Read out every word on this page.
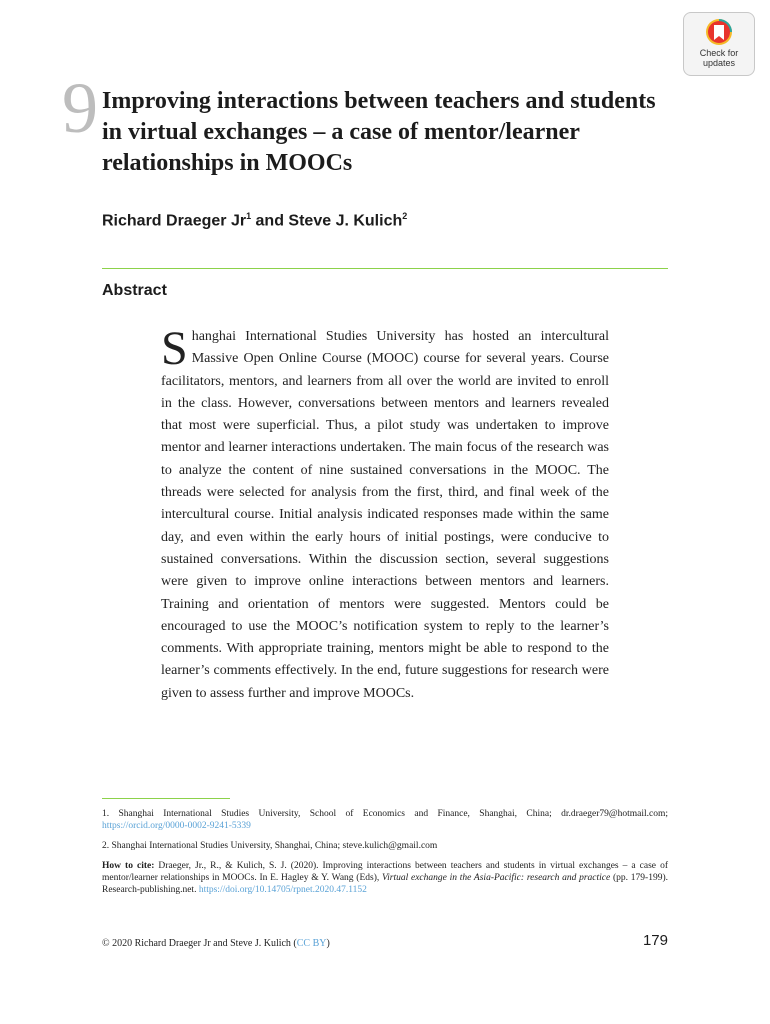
Check for
updates
9 Improving interactions between teachers and students in virtual exchanges – a case of mentor/learner relationships in MOOCs
Richard Draeger Jr$^1$ and Steve J. Kulich$^2$
Abstract

Shanghai International Studies University has hosted an intercultural Massive Open Online Course (MOOC) course for several years. Course facilitators, mentors, and learners from all over the world are invited to enroll in the class. However, conversations between mentors and learners revealed that most were superficial. Thus, a pilot study was undertaken to improve mentor and learner interactions undertaken. The main focus of the research was to analyze the content of nine sustained conversations in the MOOC. The threads were selected for analysis from the first, third, and final week of the intercultural course. Initial analysis indicated responses made within the same day, and even within the early hours of initial postings, were conducive to sustained conversations. Within the discussion section, several suggestions were given to improve online interactions between mentors and learners. Training and orientation of mentors were suggested. Mentors could be encouraged to use the MOOC’s notification system to reply to the learner’s comments. With appropriate training, mentors might be able to respond to the learner’s comments effectively. In the end, future suggestions for research were given to assess further and improve MOOCs.

1. Shanghai International Studies University, School of Economics and Finance, Shanghai, China; dr.draeger79@hotmail.com; https://orcid.org/0000-0002-9241-5339

2. Shanghai International Studies University, Shanghai, China; steve.kulich@gmail.com

How to cite: Draeger, Jr., R., & Kulich, S. J. (2020). Improving interactions between teachers and students in virtual exchanges – a case of mentor/learner relationships in MOOCs. In E. Hagley & Y. Wang (Eds), Virtual exchange in the Asia-Pacific: research and practice (pp. 179-199). Research-publishing.net. https://doi.org/10.14705/rpnet.2020.47.1152

© 2020 Richard Draeger Jr and Steve J. Kulich (CC BY)	179
